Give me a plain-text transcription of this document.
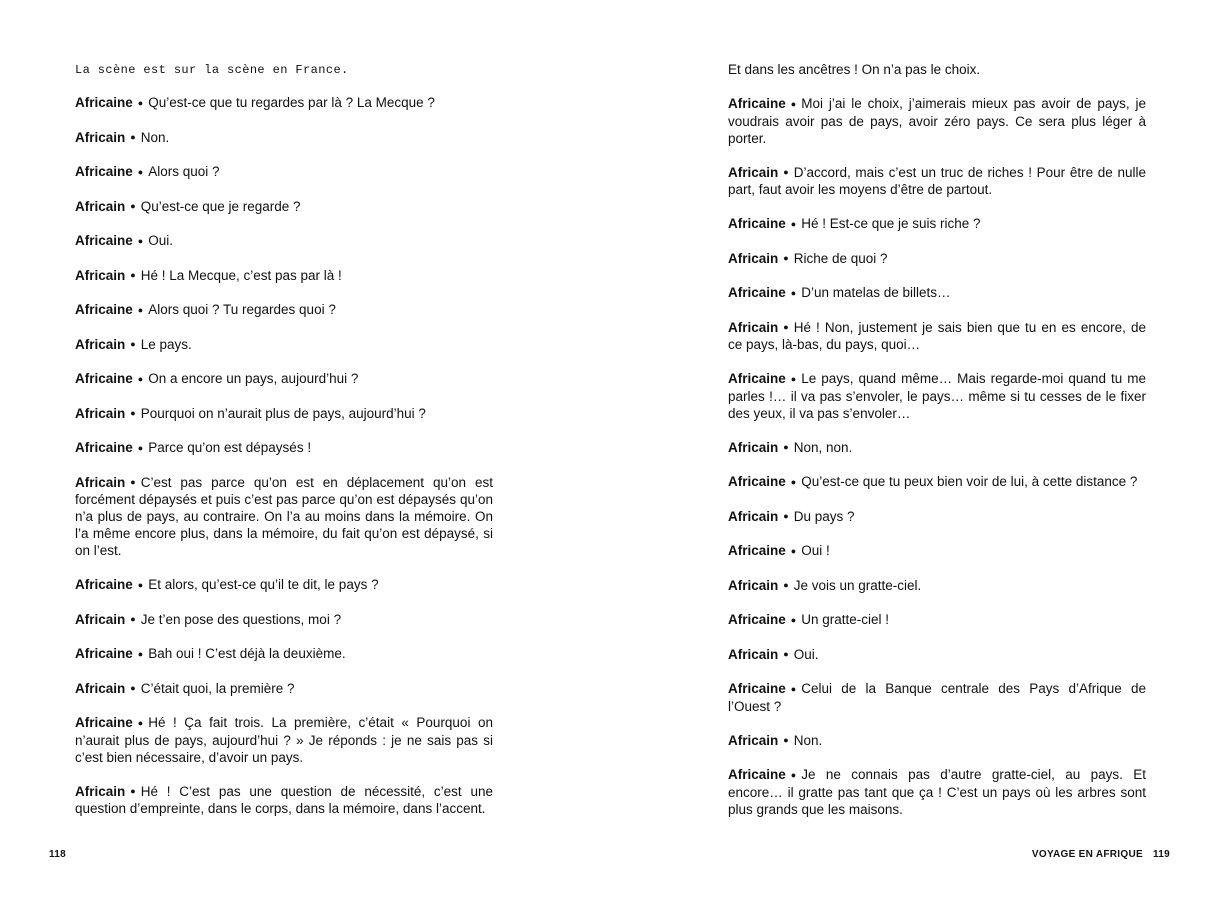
La scène est sur la scène en France.

Africaine ● Qu’est-ce que tu regardes par là ? La Mecque ?

Africain ● Non.

Africaine ● Alors quoi ?

Africain ● Qu’est-ce que je regarde ?

Africaine ● Oui.

Africain ● Hé ! La Mecque, c’est pas par là !

Africaine ● Alors quoi ? Tu regardes quoi ?

Africain ● Le pays.

Africaine ● On a encore un pays, aujourd’hui ?

Africain ● Pourquoi on n’aurait plus de pays, aujourd’hui ?

Africaine ● Parce qu’on est dépaysés !

Africain ● C’est pas parce qu’on est en déplacement qu’on est forcément dépaysés et puis c’est pas parce qu’on est dépaysés qu’on n’a plus de pays, au contraire. On l’a au moins dans la mémoire. On l’a même encore plus, dans la mémoire, du fait qu’on est dépaysé, si on l’est.

Africaine ● Et alors, qu’est-ce qu’il te dit, le pays ?

Africain ● Je t’en pose des questions, moi ?

Africaine ● Bah oui ! C’est déjà la deuxième.

Africain ● C’était quoi, la première ?

Africaine ● Hé ! Ça fait trois. La première, c’était « Pourquoi on n’aurait plus de pays, aujourd’hui ? » Je réponds : je ne sais pas si c’est bien nécessaire, d’avoir un pays.

Africain ● Hé ! C’est pas une question de nécessité, c’est une question d’empreinte, dans le corps, dans la mémoire, dans l’accent.

Et dans les ancêtres ! On n’a pas le choix.

Africaine ● Moi j’ai le choix, j’aimerais mieux pas avoir de pays, je voudrais avoir pas de pays, avoir zéro pays. Ce sera plus léger à porter.

Africain ● D’accord, mais c’est un truc de riches ! Pour être de nulle part, faut avoir les moyens d’être de partout.

Africaine ● Hé ! Est-ce que je suis riche ?

Africain ● Riche de quoi ?

Africaine ● D’un matelas de billets…

Africain ● Hé ! Non, justement je sais bien que tu en es encore, de ce pays, là-bas, du pays, quoi…

Africaine ● Le pays, quand même… Mais regarde-moi quand tu me parles !… il va pas s’envoler, le pays… même si tu cesses de le fixer des yeux, il va pas s’envoler…

Africain ● Non, non.

Africaine ● Qu’est-ce que tu peux bien voir de lui, à cette distance ?

Africain ● Du pays ?

Africaine ● Oui !

Africain ● Je vois un gratte-ciel.

Africaine ● Un gratte-ciel !

Africain ● Oui.

Africaine ● Celui de la Banque centrale des Pays d’Afrique de l’Ouest ?

Africain ● Non.

Africaine ● Je ne connais pas d’autre gratte-ciel, au pays. Et encore… il gratte pas tant que ça ! C’est un pays où les arbres sont plus grands que les maisons.

118	VOYAGE EN AFRIQUE 119
